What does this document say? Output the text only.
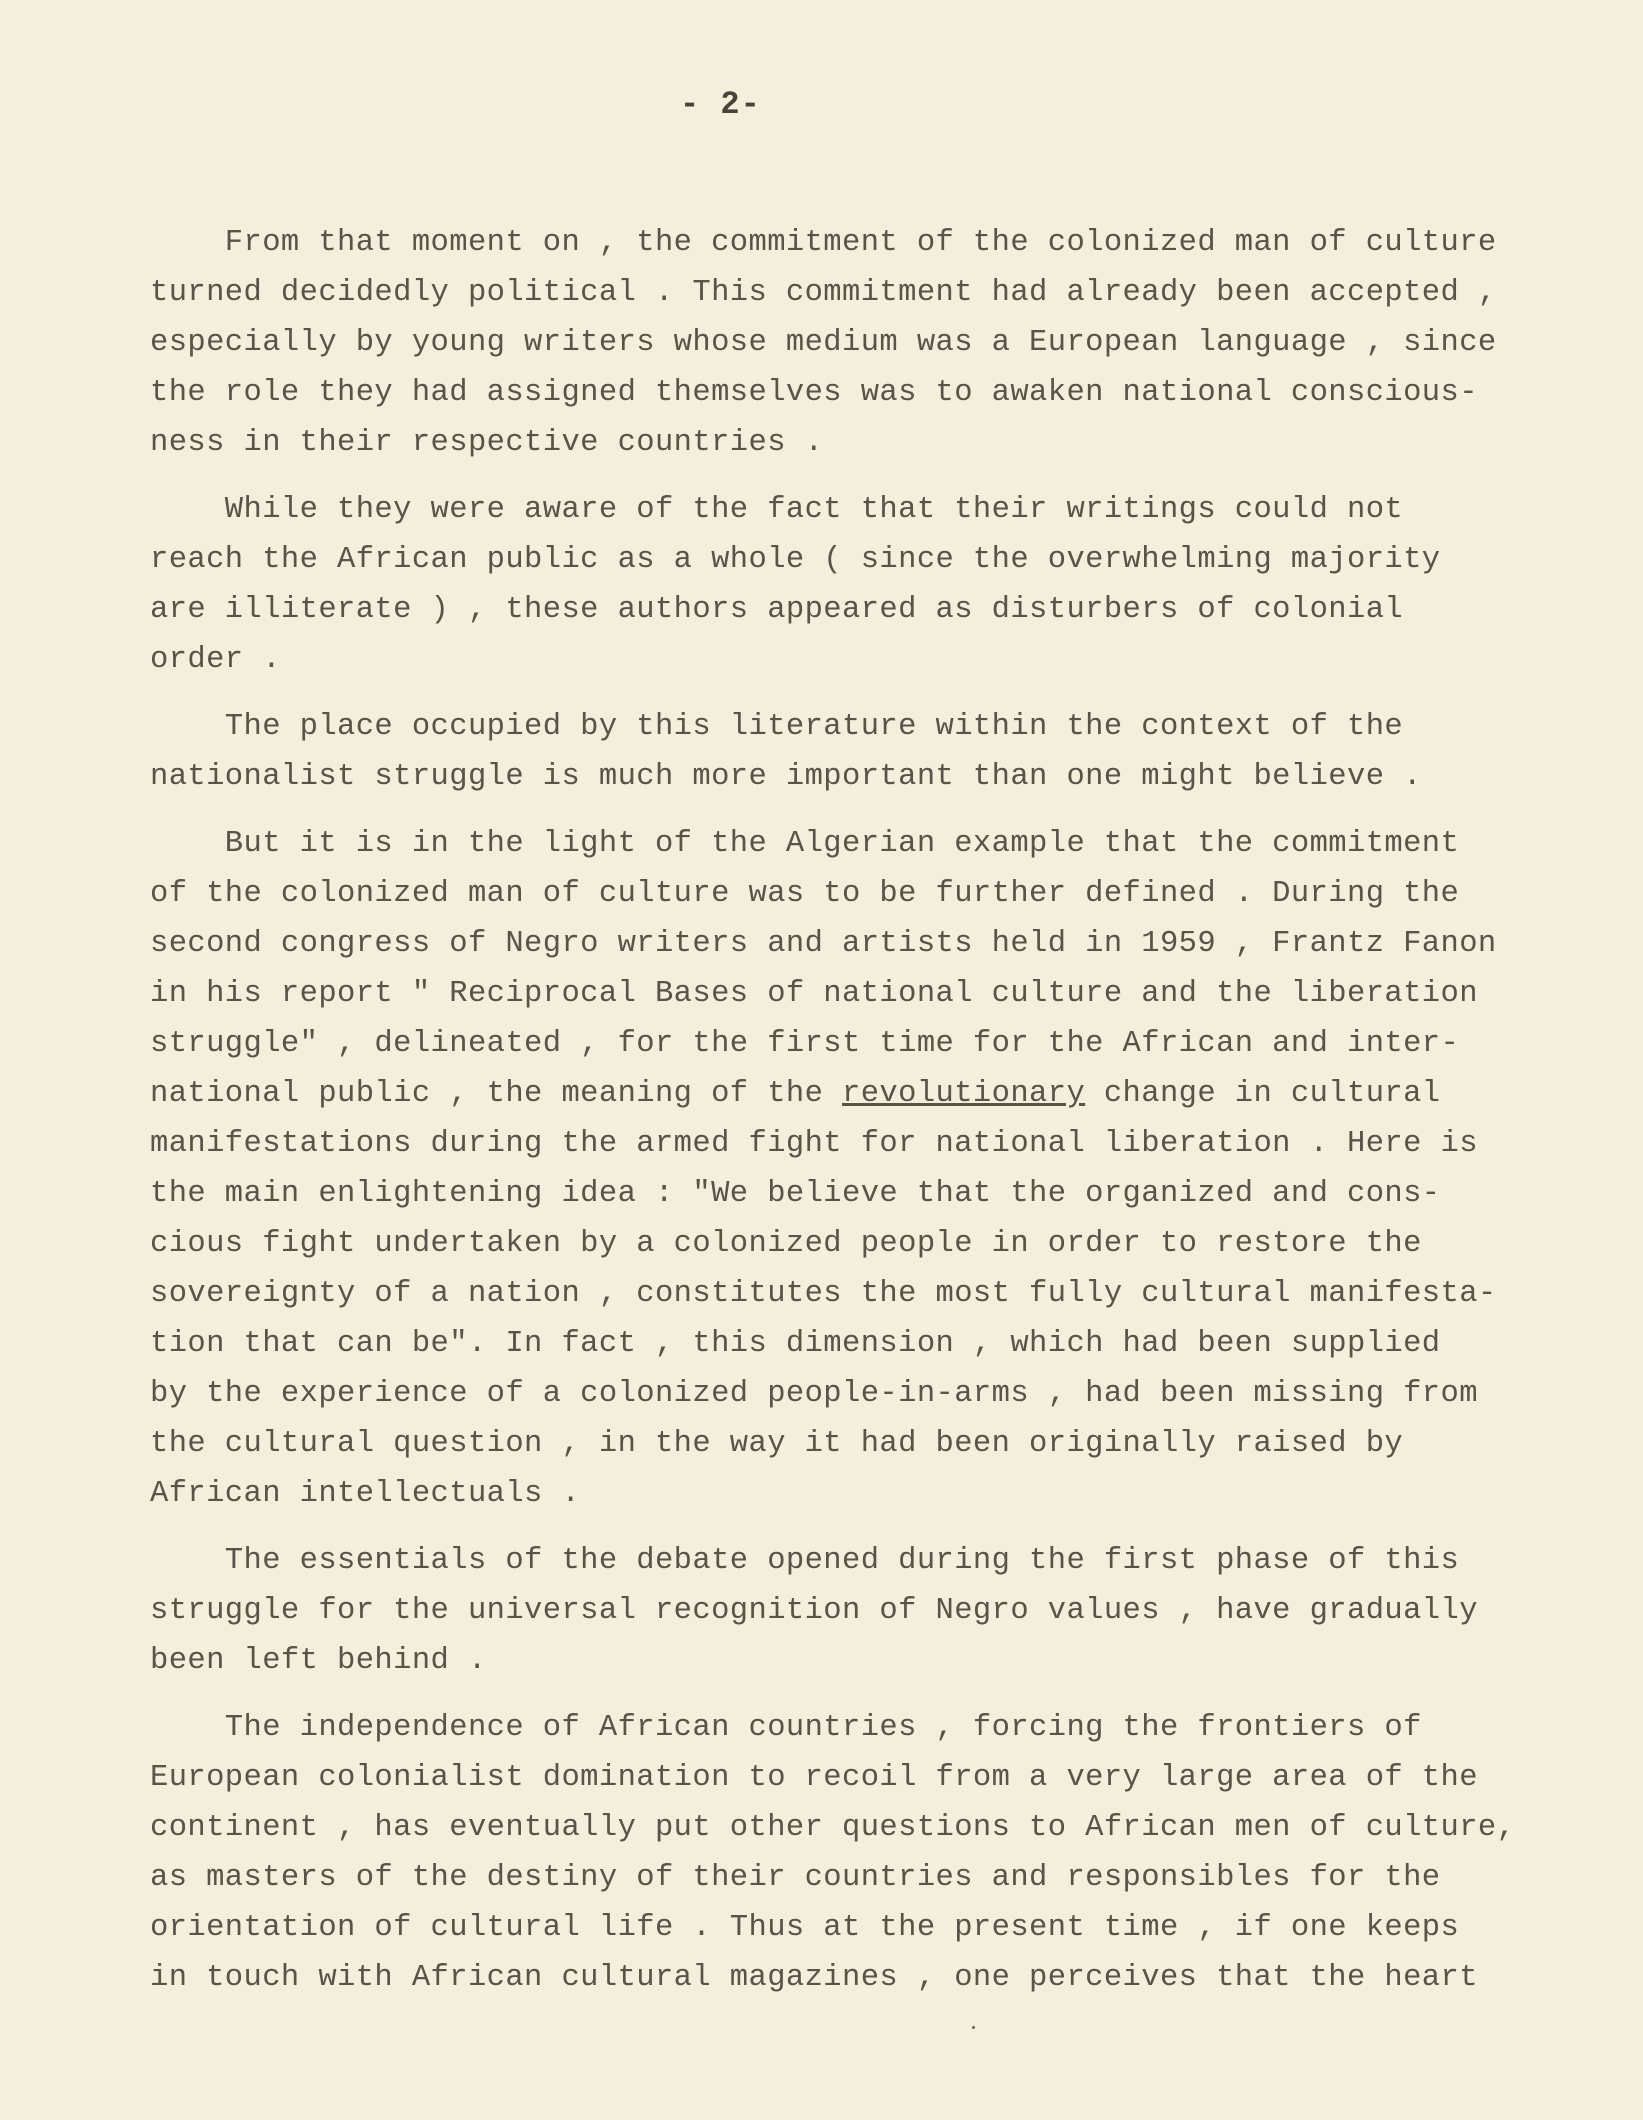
- 2-
From that moment on , the commitment of the colonized man of culture
turned decidedly political . This commitment had already been accepted ,
especially by young writers whose medium was a European language , since
the role they had assigned themselves was to awaken national conscious-
ness in their respective countries .
While they were aware of the fact that their writings could not
reach the African public as a whole ( since the overwhelming majority
are illiterate ) , these authors appeared as disturbers of colonial
order .
The place occupied by this literature within the context of the
nationalist struggle is much more important than one might believe .
But it is in the light of the Algerian example that the commitment
of the colonized man of culture was to be further defined . During the
second congress of Negro writers and artists held in 1959 , Frantz Fanon
in his report " Reciprocal Bases of national culture and the liberation
struggle" , delineated , for the first time for the African and inter-
national public , the meaning of the revolutionary change in cultural
manifestations during the armed fight for national liberation . Here is
the main enlightening idea : "We believe that the organized and cons-
cious fight undertaken by a colonized people in order to restore the
sovereignty of a nation , constitutes the most fully cultural manifesta-
tion that can be". In fact , this dimension , which had been supplied
by the experience of a colonized people-in-arms , had been missing from
the cultural question , in the way it had been originally raised by
African intellectuals .
The essentials of the debate opened during the first phase of this
struggle for the universal recognition of Negro values , have gradually
been left behind .
The independence of African countries , forcing the frontiers of
European colonialist domination to recoil from a very large area of the
continent , has eventually put other questions to African men of culture,
as masters of the destiny of their countries and responsibles for the
orientation of cultural life . Thus at the present time , if one keeps
in touch with African cultural magazines , one perceives that the heart
